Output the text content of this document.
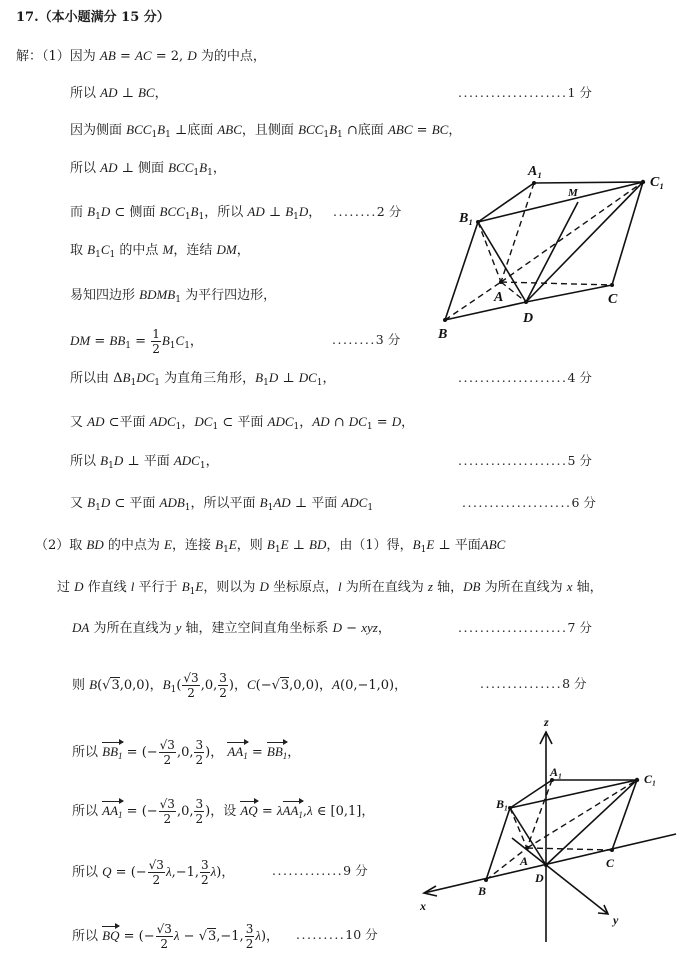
17.（本小题满分 15 分）
解：（1）因为 AB = AC = 2, D 为的中点，
所以 AD ⊥ BC，	....................1 分
因为侧面 $BCC_1B_1$ ⊥底面 ABC，且侧面 $BCC_1B_1$ ∩底面 ABC = BC，
所以 AD ⊥ 侧面 $BCC_1B_1$，
而 $B_1D$ ⊂ 侧面 $BCC_1B_1$，所以 AD ⊥ $B_1D$， ........2 分
取 $B_1C_1$ 的中点 M，连结 DM，
易知四边形 $BDMB_1$ 为平行四边形，
DM = $BB_1 = \frac{1}{2} B_1C_1$，	........3 分
所以由 $\Delta B_1DC_1$ 为直角三角形，$B_1D$ ⊥ $DC_1$，	....................4 分
又 AD ⊂平面 $ADC_1$，$DC_1$ ⊂ 平面 $ADC_1$，AD ∩ $DC_1 = D$，
所以 $B_1D$ ⊥ 平面 $ADC_1$，	....................5 分
又 $B_1D$ ⊂ 平面 $ADB_1$，所以平面 $B_1AD$ ⊥ 平面 $ADC_1$	....................6 分
（2）取 BD 的中点为 E，连接 $B_1E$，则 $B_1E$ ⊥ BD，由（1）得，$B_1E$ ⊥ 平面ABC
过 D 作直线 l 平行于 $B_1E$，则以为 D 坐标原点，l 为所在直线为 z 轴，DB 为所在直线为 x 轴，
DA 为所在直线为 y 轴，建立空间直角坐标系 D − xyz，	....................7 分
则 B(√3,0,0)，$B_1( \frac{√3}{2} ,0$, $\frac{3}{2}$ )，C(−√3,0,0)，A(0,−1,0)，	...............8 分
所以 $BB_1$ = (− $\frac{√3}{2} ,0$, $\frac{3}{2}$ )， $AA_1 = BB_1$，
所以 $AA_1$ = (− $\frac{√3}{2} ,0$, $\frac{3}{2}$ )，设 AQ = λAA$_1$,λ ∈ [0,1]，
所以 Q = (− $\frac{√3}{2} \lambda,-1$, $\frac{3}{2} \lambda$)，	.............9 分
所以 BQ = (− $\frac{√3}{2}$ λ − √3,−1, $\frac{3}{2} \lambda$)， .........10 分
A₁
C₁
B₁
M
A
D
C
B
z
x
y
A₁	C₁
B₁
A
D
C
B
